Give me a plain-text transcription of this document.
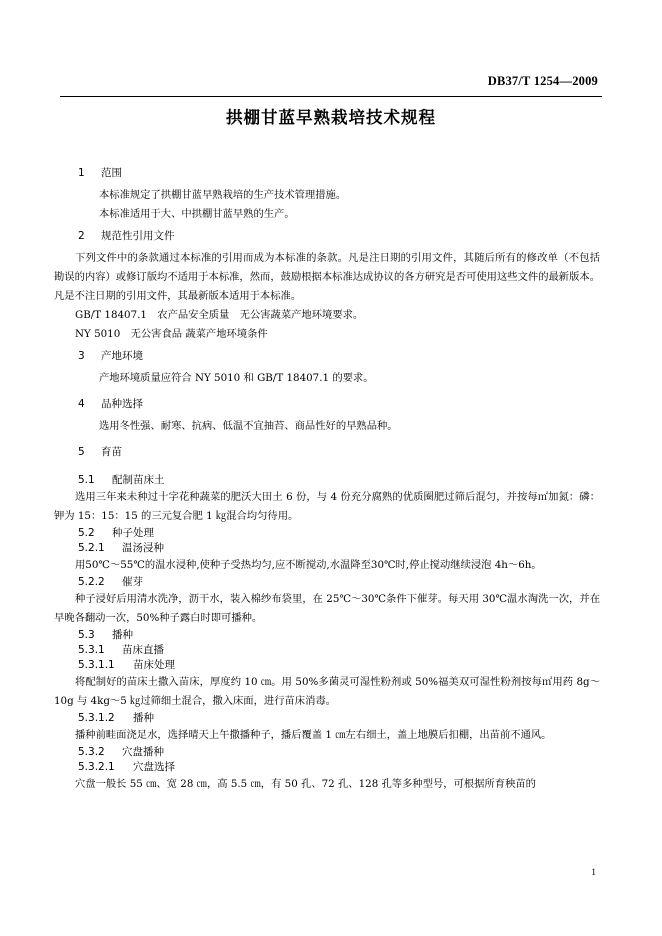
DB37/T 1254—2009
拱棚甘蓝早熟栽培技术规程
1 范围
本标准规定了拱棚甘蓝早熟栽培的生产技术管理措施。
本标准适用于大、中拱棚甘蓝早熟的生产。
2 规范性引用文件
下列文件中的条款通过本标准的引用而成为本标准的条款。凡是注日期的引用文件，其随后所有的修改单（不包括勘误的内容）或修订版均不适用于本标准，然而，鼓励根据本标准达成协议的各方研究是否可使用这些文件的最新版本。凡是不注日期的引用文件，其最新版本适用于本标准。
GB/T 18407.1　农产品安全质量　无公害蔬菜产地环境要求。
NY 5010　无公害食品 蔬菜产地环境条件
3 产地环境
产地环境质量应符合 NY 5010 和 GB/T 18407.1 的要求。
4 品种选择
选用冬性强、耐寒、抗病、低温不宜抽苔、商品性好的早熟品种。
5 育苗
5.1 配制苗床土
选用三年来未种过十字花种蔬菜的肥沃大田土 6 份，与 4 份充分腐熟的优质圈肥过筛后混匀，并按每㎡加氮：磷：钾为 15：15：15 的三元复合肥 1 ㎏混合均匀待用。
5.2 种子处理
5.2.1 温汤浸种
用50℃～55℃的温水浸种,使种子受热均匀,应不断搅动,水温降至30℃时,停止搅动继续浸泡 4h～6h。
5.2.2 催芽
种子浸好后用清水洗净，沥干水，装入棉纱布袋里，在 25℃～30℃条件下催芽。每天用 30℃温水淘洗一次，并在早晚各翻动一次，50%种子露白时即可播种。
5.3 播种
5.3.1 苗床直播
5.3.1.1 苗床处理
将配制好的苗床土撒入苗床，厚度约 10 ㎝。用 50%多菌灵可湿性粉剂或 50%福美双可湿性粉剂按每㎡用药 8g～10g 与 4kg～5 ㎏过筛细土混合，撒入床面，进行苗床消毒。
5.3.1.2 播种
播种前畦面浇足水，选择晴天上午撒播种子，播后覆盖 1 ㎝左右细土，盖上地膜后扣棚，出苗前不通风。
5.3.2 穴盘播种
5.3.2.1 穴盘选择
穴盘一般长 55 ㎝、宽 28 ㎝，高 5.5 ㎝，有 50 孔、72 孔、128 孔等多种型号，可根据所育秧苗的
1
